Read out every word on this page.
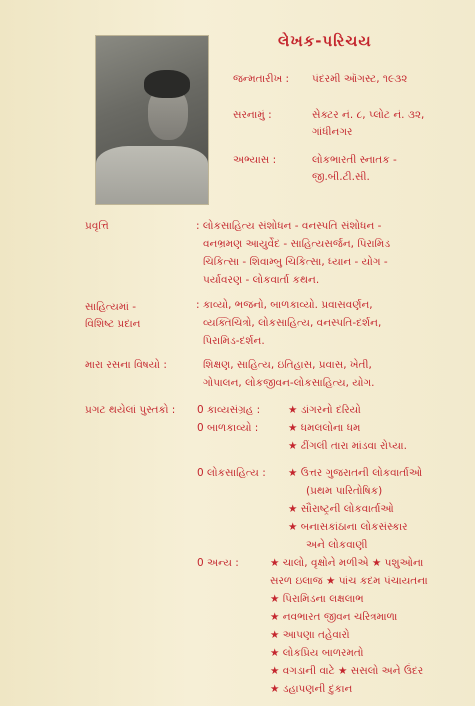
લેખક-પરિચય
જન્મતારીખ : પંદરમી ઑગસ્ટ, ૧૯૩૨
સરનામું :	સેક્ટર નં. ૮, પ્લોટ નં. ૩૨,
ગાંધીનગર
અભ્યાસ :	લોકભારતી સ્નાતક -
જી.બી.ટી.સી.
પ્રવૃત્તિ	: લોકસાહિત્ય સંશોધન - વનસ્પતિ સંશોધન -
વનભ્રમણ આયુર્વેદ - સાહિત્યસર્જન, પિરામિડ
ચિકિત્સા - શિવામ્બુ ચિકિત્સા, ધ્યાન - યોગ -
પર્યાવરણ - લોકવાર્તા કથન.
સાહિત્યમાં -
વિશિષ્ટ પ્રદાન
: કાવ્યો, ભજનો, બાળકાવ્યો. પ્રવાસવર્ણન,
વ્યક્તિચિત્રો, લોકસાહિત્ય, વનસ્પતિ-દર્શન,
પિરામિડ-દર્શન.
મારા રસના વિષયો :	શિક્ષણ, સાહિત્ય, ઇતિહાસ, પ્રવાસ, ખેતી,
ગોપાલન, લોકજીવન-લોકસાહિત્ય, યોગ.
પ્રગટ થયેલાં પુસ્તકો : 0 કાવ્યસંગ્રહ :	★ ડાંગરનો દરિયો
0 બાળકાવ્યો :	★ ધમલલોના ધમ
★ ઢીંગલી તારા માંડવા રોપ્યા.
0 લોકસાહિત્ય : ★ ઉત્તર ગુજરાતની લોકવાર્તાઓ
(પ્રથમ પારિતોષિક)
★ સૌરાષ્ટ્રની લોકવાર્તાઓ
★ બનાસકાંઠાના લોકસંસ્કાર
અને લોકવાણી
0 અન્ય :	★ ચાલો, વૃક્ષોને મળીએ ★ પશુઓના
સરળ ઇલાજ ★ પાંચ કદમ પંચાયતના
★ પિરામિડના લક્ષલાભ
★ નવભારત જીવન ચરિત્રમાળા
★ આપણા તહેવારો
★ લોકપ્રિય બાળરમતો
★ વગડાની વાટે ★ સસલો અને ઉંદર
★ ડહાપણની દુકાન
